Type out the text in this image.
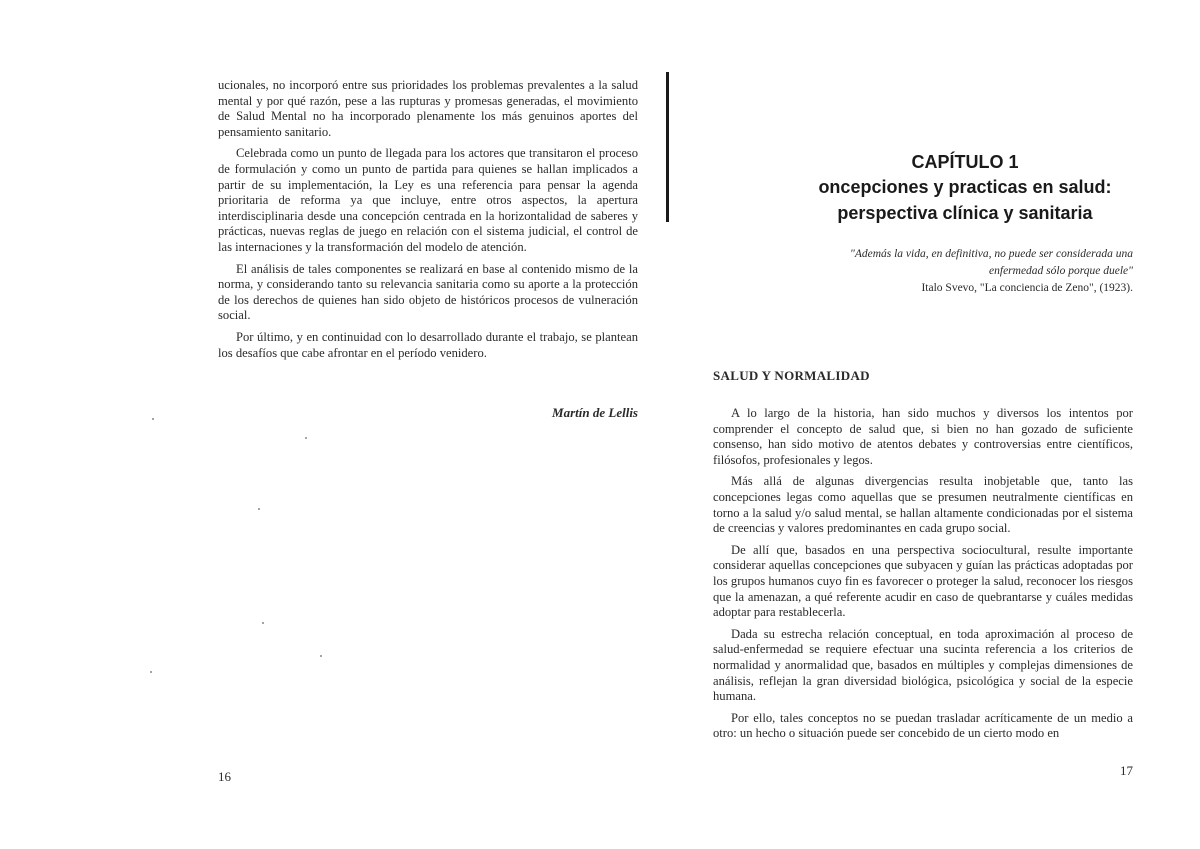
ucionales, no incorporó entre sus prioridades los problemas prevalentes a la salud mental y por qué razón, pese a las rupturas y promesas generadas, el movimiento de Salud Mental no ha incorporado plenamente los más genuinos aportes del pensamiento sanitario.

Celebrada como un punto de llegada para los actores que transitaron el proceso de formulación y como un punto de partida para quienes se hallan implicados a partir de su implementación, la Ley es una referencia para pensar la agenda prioritaria de reforma ya que incluye, entre otros aspectos, la apertura interdisciplinaria desde una concepción centrada en la horizontalidad de saberes y prácticas, nuevas reglas de juego en relación con el sistema judicial, el control de las internaciones y la transformación del modelo de atención.

El análisis de tales componentes se realizará en base al contenido mismo de la norma, y considerando tanto su relevancia sanitaria como su aporte a la protección de los derechos de quienes han sido objeto de históricos procesos de vulneración social.

Por último, y en continuidad con lo desarrollado durante el trabajo, se plantean los desafíos que cabe afrontar en el período venidero.

Martín de Lellis
16
CAPÍTULO 1
oncepciones y practicas en salud:
perspectiva clínica y sanitaria
"Además la vida, en definitiva, no puede ser considerada una
enfermedad sólo porque duele"
Italo Svevo, "La conciencia de Zeno", (1923).
SALUD Y NORMALIDAD

A lo largo de la historia, han sido muchos y diversos los intentos por comprender el concepto de salud que, si bien no han gozado de suficiente consenso, han sido motivo de atentos debates y controversias entre científicos, filósofos, profesionales y legos.

Más allá de algunas divergencias resulta inobjetable que, tanto las concepciones legas como aquellas que se presumen neutralmente científicas en torno a la salud y/o salud mental, se hallan altamente condicionadas por el sistema de creencias y valores predominantes en cada grupo social.

De allí que, basados en una perspectiva sociocultural, resulte importante considerar aquellas concepciones que subyacen y guían las prácticas adoptadas por los grupos humanos cuyo fin es favorecer o proteger la salud, reconocer los riesgos que la amenazan, a qué referente acudir en caso de quebrantarse y cuáles medidas adoptar para restablecerla.

Dada su estrecha relación conceptual, en toda aproximación al proceso de salud-enfermedad se requiere efectuar una sucinta referencia a los criterios de normalidad y anormalidad que, basados en múltiples y complejas dimensiones de análisis, reflejan la gran diversidad biológica, psicológica y social de la especie humana.

Por ello, tales conceptos no se puedan trasladar acríticamente de un medio a otro: un hecho o situación puede ser concebido de un cierto modo en

17
